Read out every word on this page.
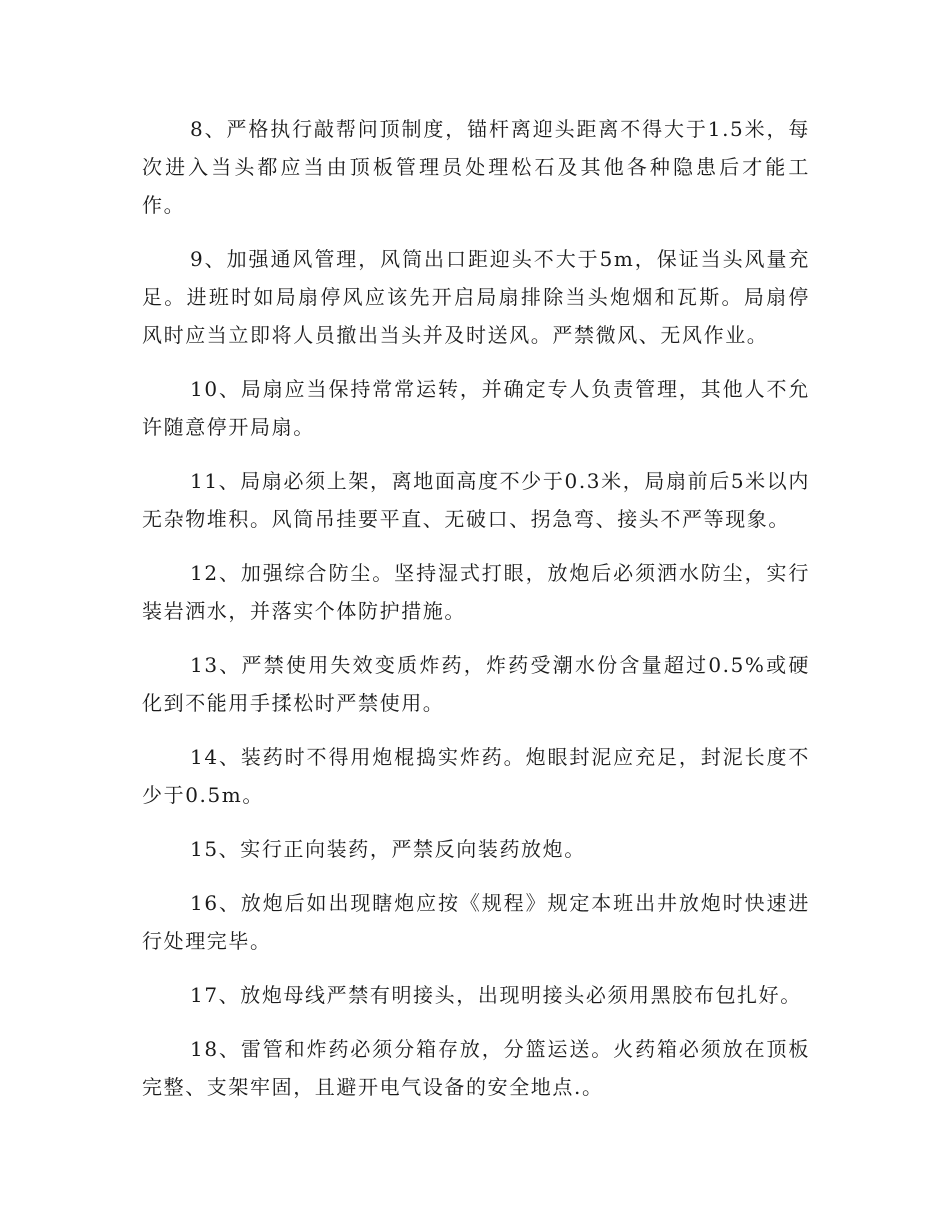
8、严格执行敲帮问顶制度，锚杆离迎头距离不得大于1.5米，每次进入当头都应当由顶板管理员处理松石及其他各种隐患后才能工作。

9、加强通风管理，风筒出口距迎头不大于5m，保证当头风量充足。进班时如局扇停风应该先开启局扇排除当头炮烟和瓦斯。局扇停风时应当立即将人员撤出当头并及时送风。严禁微风、无风作业。

10、局扇应当保持常常运转，并确定专人负责管理，其他人不允许随意停开局扇。

11、局扇必须上架，离地面高度不少于0.3米，局扇前后5米以内无杂物堆积。风筒吊挂要平直、无破口、拐急弯、接头不严等现象。

12、加强综合防尘。坚持湿式打眼，放炮后必须洒水防尘，实行装岩洒水，并落实个体防护措施。

13、严禁使用失效变质炸药，炸药受潮水份含量超过0.5%或硬化到不能用手揉松时严禁使用。

14、装药时不得用炮棍捣实炸药。炮眼封泥应充足，封泥长度不少于0.5m。

15、实行正向装药，严禁反向装药放炮。

16、放炮后如出现瞎炮应按《规程》规定本班出井放炮时快速进行处理完毕。

17、放炮母线严禁有明接头，出现明接头必须用黑胶布包扎好。

18、雷管和炸药必须分箱存放，分篮运送。火药箱必须放在顶板完整、支架牢固，且避开电气设备的安全地点.。
